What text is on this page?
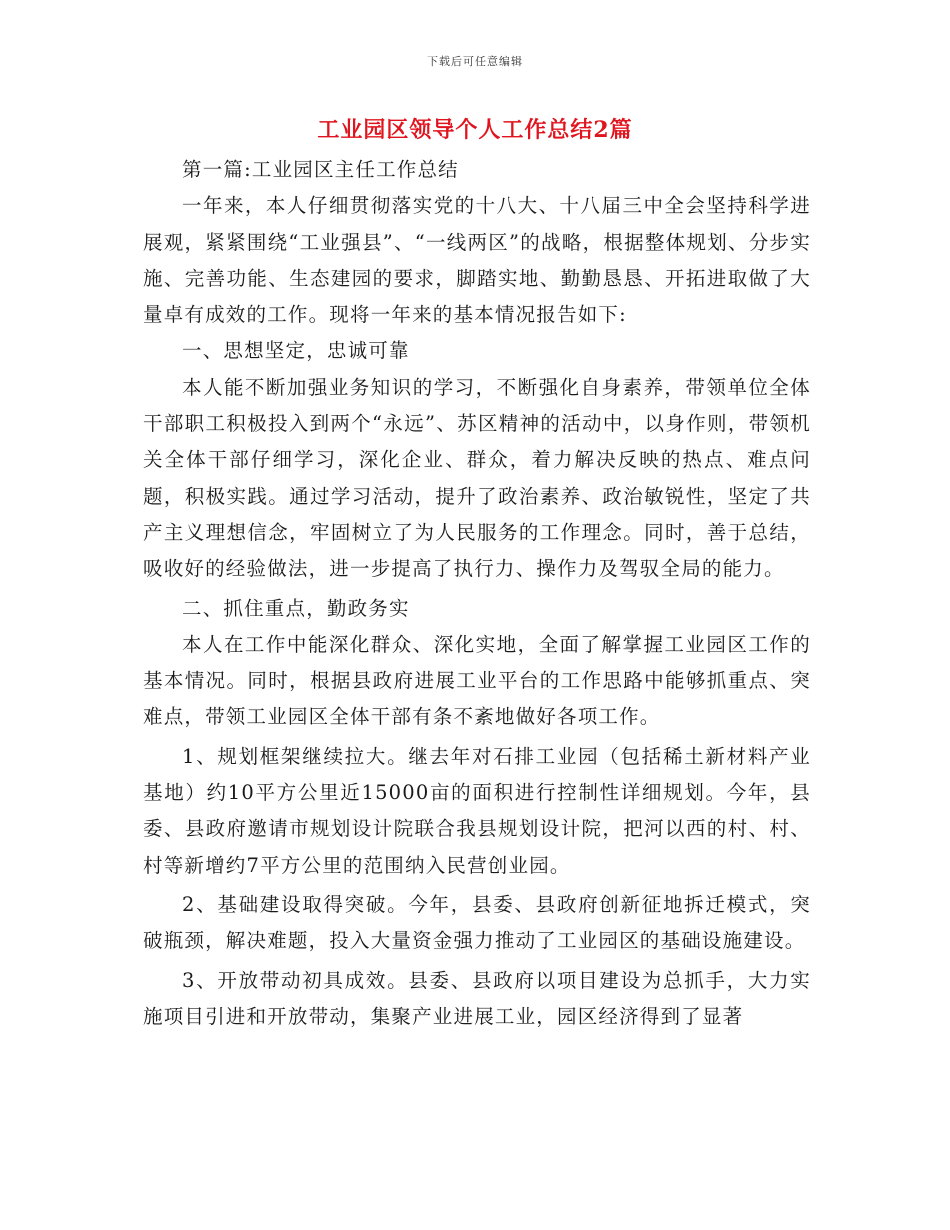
下载后可任意编辑
工业园区领导个人工作总结2篇

第一篇:工业园区主任工作总结

一年来，本人仔细贯彻落实党的十八大、十八届三中全会坚持科学进展观，紧紧围绕“工业强县”、“一线两区”的战略，根据整体规划、分步实施、完善功能、生态建园的要求，脚踏实地、勤勤恳恳、开拓进取做了大量卓有成效的工作。现将一年来的基本情况报告如下:

一、思想坚定，忠诚可靠

本人能不断加强业务知识的学习，不断强化自身素养，带领单位全体干部职工积极投入到两个“永远”、苏区精神的活动中，以身作则，带领机关全体干部仔细学习，深化企业、群众，着力解决反映的热点、难点问题，积极实践。通过学习活动，提升了政治素养、政治敏锐性，坚定了共产主义理想信念，牢固树立了为人民服务的工作理念。同时，善于总结，吸收好的经验做法，进一步提高了执行力、操作力及驾驭全局的能力。

二、抓住重点，勤政务实

本人在工作中能深化群众、深化实地，全面了解掌握工业园区工作的基本情况。同时，根据县政府进展工业平台的工作思路中能够抓重点、突难点，带领工业园区全体干部有条不紊地做好各项工作。

1、规划框架继续拉大。继去年对石排工业园（包括稀土新材料产业基地）约10平方公里近15000亩的面积进行控制性详细规划。今年，县委、县政府邀请市规划设计院联合我县规划设计院，把河以西的村、村、村等新增约7平方公里的范围纳入民营创业园。

2、基础建设取得突破。今年，县委、县政府创新征地拆迁模式，突破瓶颈，解决难题，投入大量资金强力推动了工业园区的基础设施建设。

3、开放带动初具成效。县委、县政府以项目建设为总抓手，大力实施项目引进和开放带动，集聚产业进展工业，园区经济得到了显著
